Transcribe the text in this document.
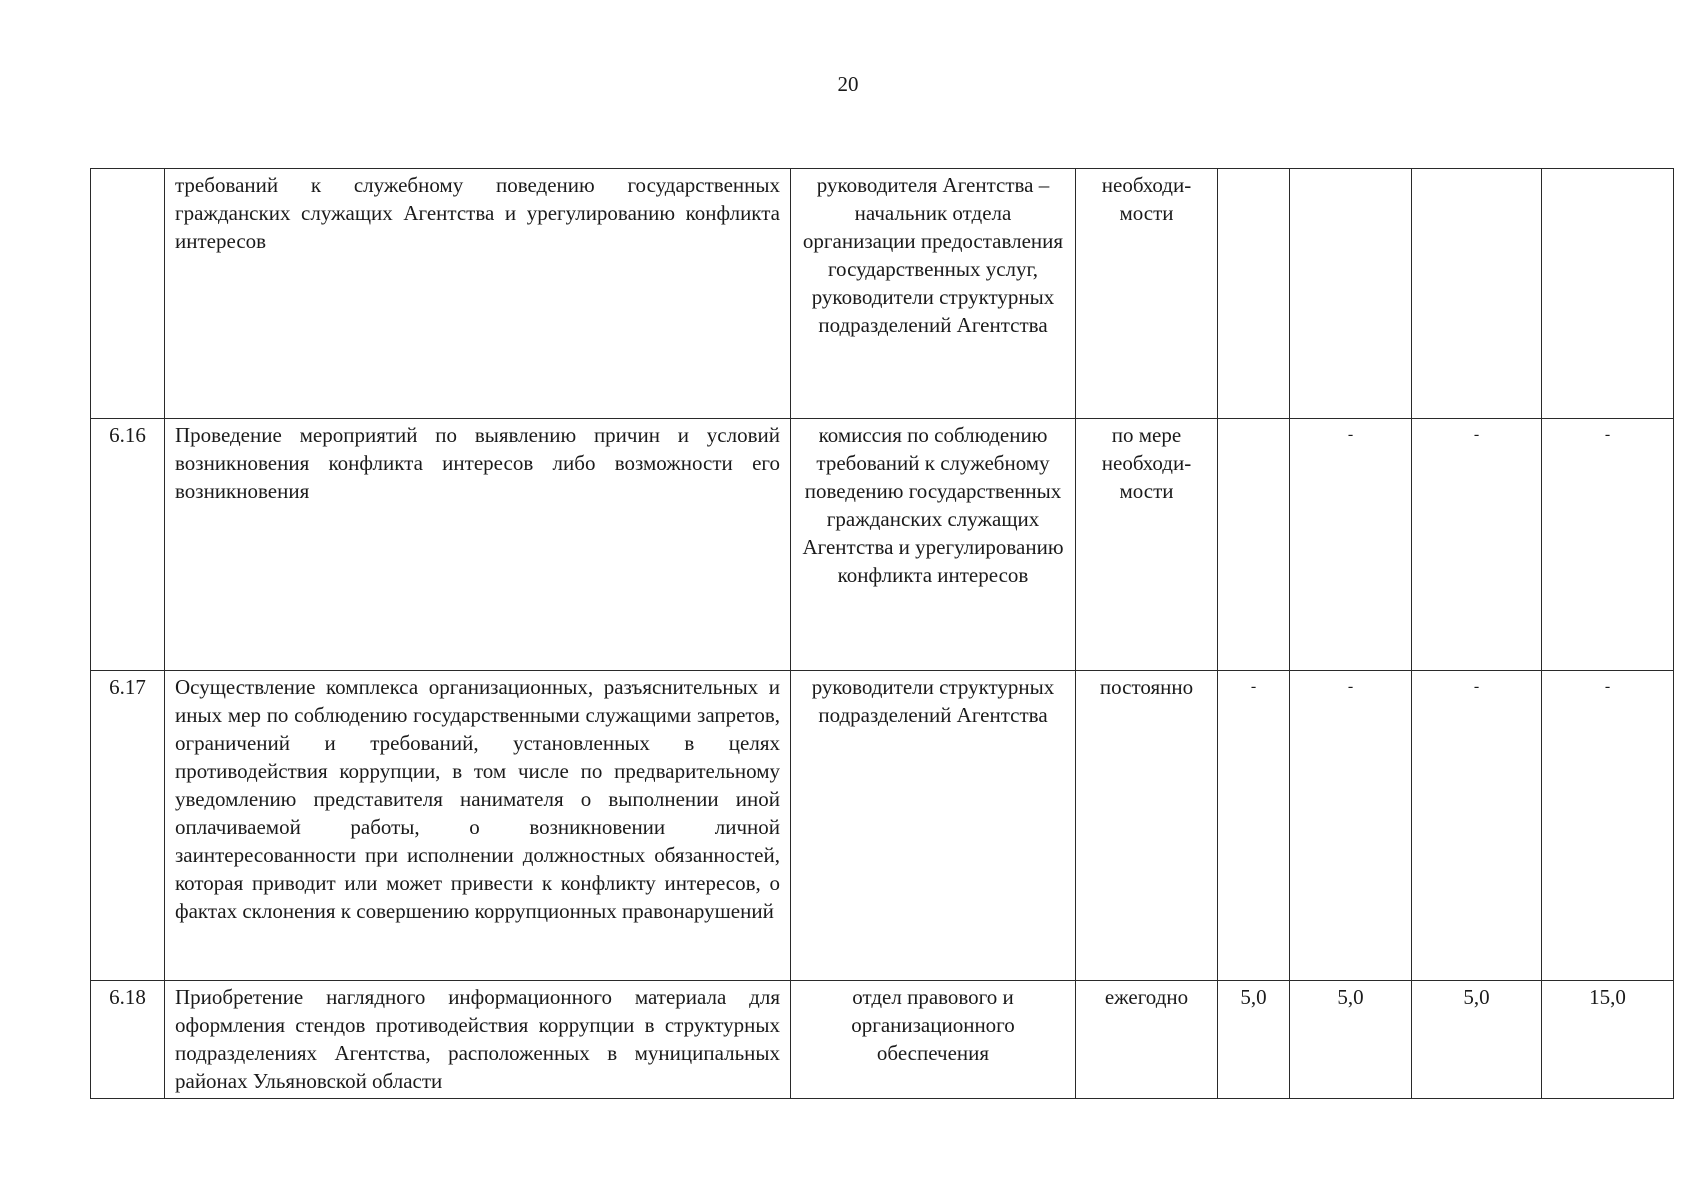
20
	требований к служебному поведению государственных гражданских служащих Агентства и урегулированию конфликта интересов	руководителя Агентства – начальник отдела организации предоставления государственных услуг, руководители структурных подразделений Агентства	необходи-мости				
6.16	Проведение мероприятий по выявлению причин и условий возникновения конфликта интересов либо возможности его возникновения	комиссия по соблюдению требований к служебному поведению государственных гражданских служащих Агентства и урегулированию конфликта интересов	по мере необходи-мости		-	-	-
6.17	Осуществление комплекса организационных, разъяснительных и иных мер по соблюдению государственными служащими запретов, ограничений и требований, установленных в целях противодействия коррупции, в том числе по предварительному уведомлению представителя нанимателя о выполнении иной оплачиваемой работы, о возникновении личной заинтересованности при исполнении должностных обязанностей, которая приводит или может привести к конфликту интересов, о фактах склонения к совершению коррупционных правонарушений	руководители структурных подразделений Агентства	постоянно	-	-	-	-
6.18	Приобретение наглядного информационного материала для оформления стендов противодействия коррупции в структурных подразделениях Агентства, расположенных в муниципальных районах Ульяновской области	отдел правового и организационного обеспечения	ежегодно	5,0	5,0	5,0	15,0
